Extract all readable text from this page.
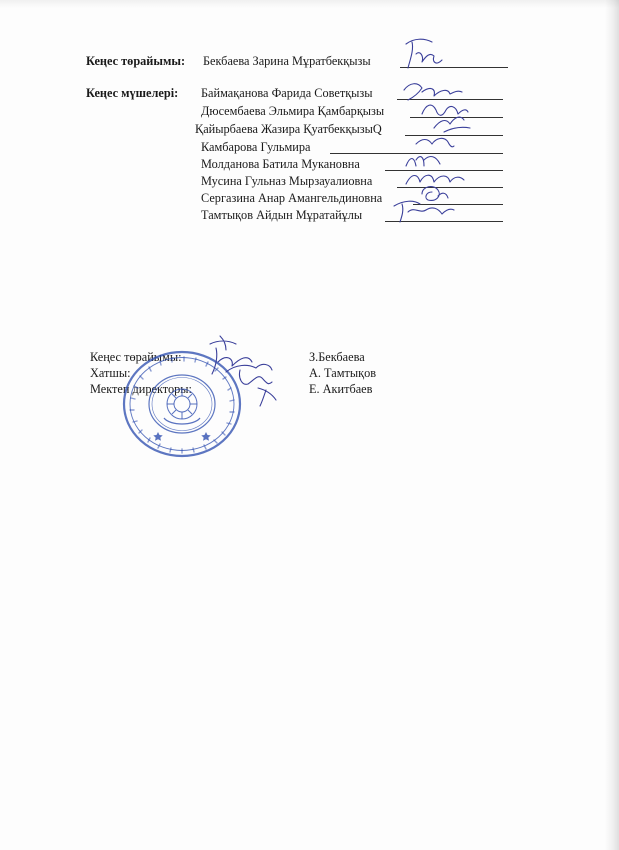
Кеңес төрайымы: Бекбаева Зарина Мұратбекқызы
Кеңес мүшелері: Баймақанова Фарида Советқызы
Дюсембаева Эльмира Қамбарқызы
Қайырбаева Жазира ҚуатбекқызыQ
Камбарова Гульмира
Молданова Батила Мукановна
Мусина Гульназ Мырзауалиовна
Сергазина Анар Амангельдиновна
Тамтықов Айдын Мұратайұлы
Кеңес төрайымы:	З.Бекбаева
Хатшы:	А. Тамтықов
Мектеп директоры:	Е. Акитбаев
